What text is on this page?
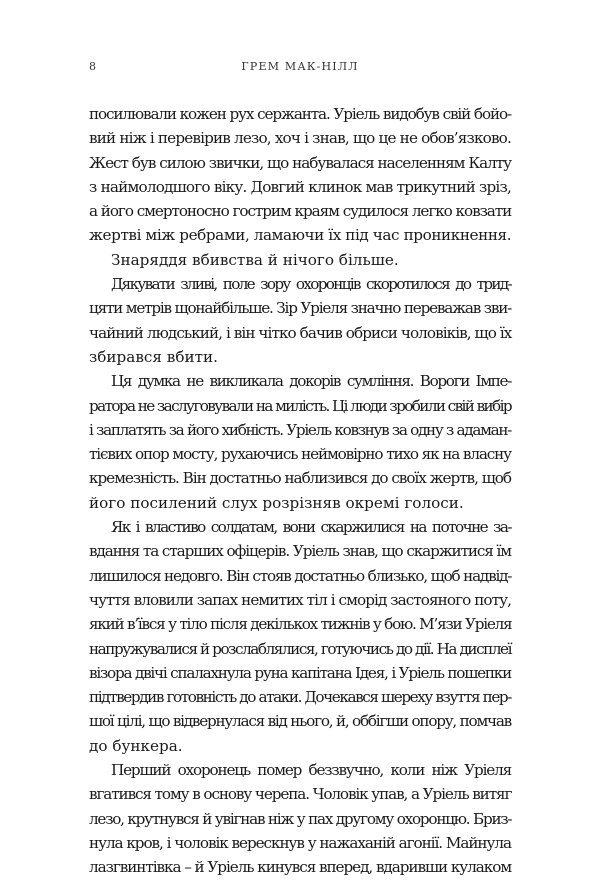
8	ГРЕМ МАК-НІЛЛ

посилювали кожен рух сержанта. Уріель видобув свій бойо-
вий ніж і перевірив лезо, хоч і знав, що це не обов’язково.
Жест був силою звички, що набувалася населенням Калту
з наймолодшого віку. Довгий клинок мав трикутний зріз,
а його смертоносно гострим краям судилося легко ковзати
жертві між ребрами, ламаючи їх під час проникнення.

Знаряддя вбивства й нічого більше.

Дякувати зливі, поле зору охоронців скоротилося до трид-
цяти метрів щонайбільше. Зір Уріеля значно переважав зви-
чайний людський, і він чітко бачив обриси чоловіків, що їх
збирався вбити.

Ця думка не викликала докорів сумління. Вороги Імпе-
ратора не заслуговували на милість. Ці люди зробили свій вибір
і заплатять за його хибність. Уріель ковзнув за одну з адаман-
тієвих опор мосту, рухаючись неймовірно тихо як на власну
кремезність. Він достатньо наблизився до своїх жертв, щоб
його посилений слух розрізняв окремі голоси.

Як і властиво солдатам, вони скаржилися на поточне за-
вдання та старших офіцерів. Уріель знав, що скаржитися їм
лишилося недовго. Він стояв достатньо близько, щоб надвід-
чуття вловили запах немитих тіл і сморід застояного поту,
який в’ївся у тіло після декількох тижнів у бою. М’язи Уріеля
напружувалися й розслаблялися, готуючись до дії. На дисплеї
візора двічі спалахнула руна капітана Ідея, і Уріель пошепки
підтвердив готовність до атаки. Дочекався шереху взуття пер-
шої цілі, що відвернулася від нього, й, оббігши опору, помчав
до бункера.

Перший охоронець помер беззвучно, коли ніж Уріеля
вгатився тому в основу черепа. Чоловік упав, а Уріель витяг
лезо, крутнувся й увігнав ніж у пах другому охоронцю. Бриз-
нула кров, і чоловік верескнув у нажаханій агонії. Майнула
лазгвинтівка – й Уріель кинувся вперед, вдаривши кулаком
